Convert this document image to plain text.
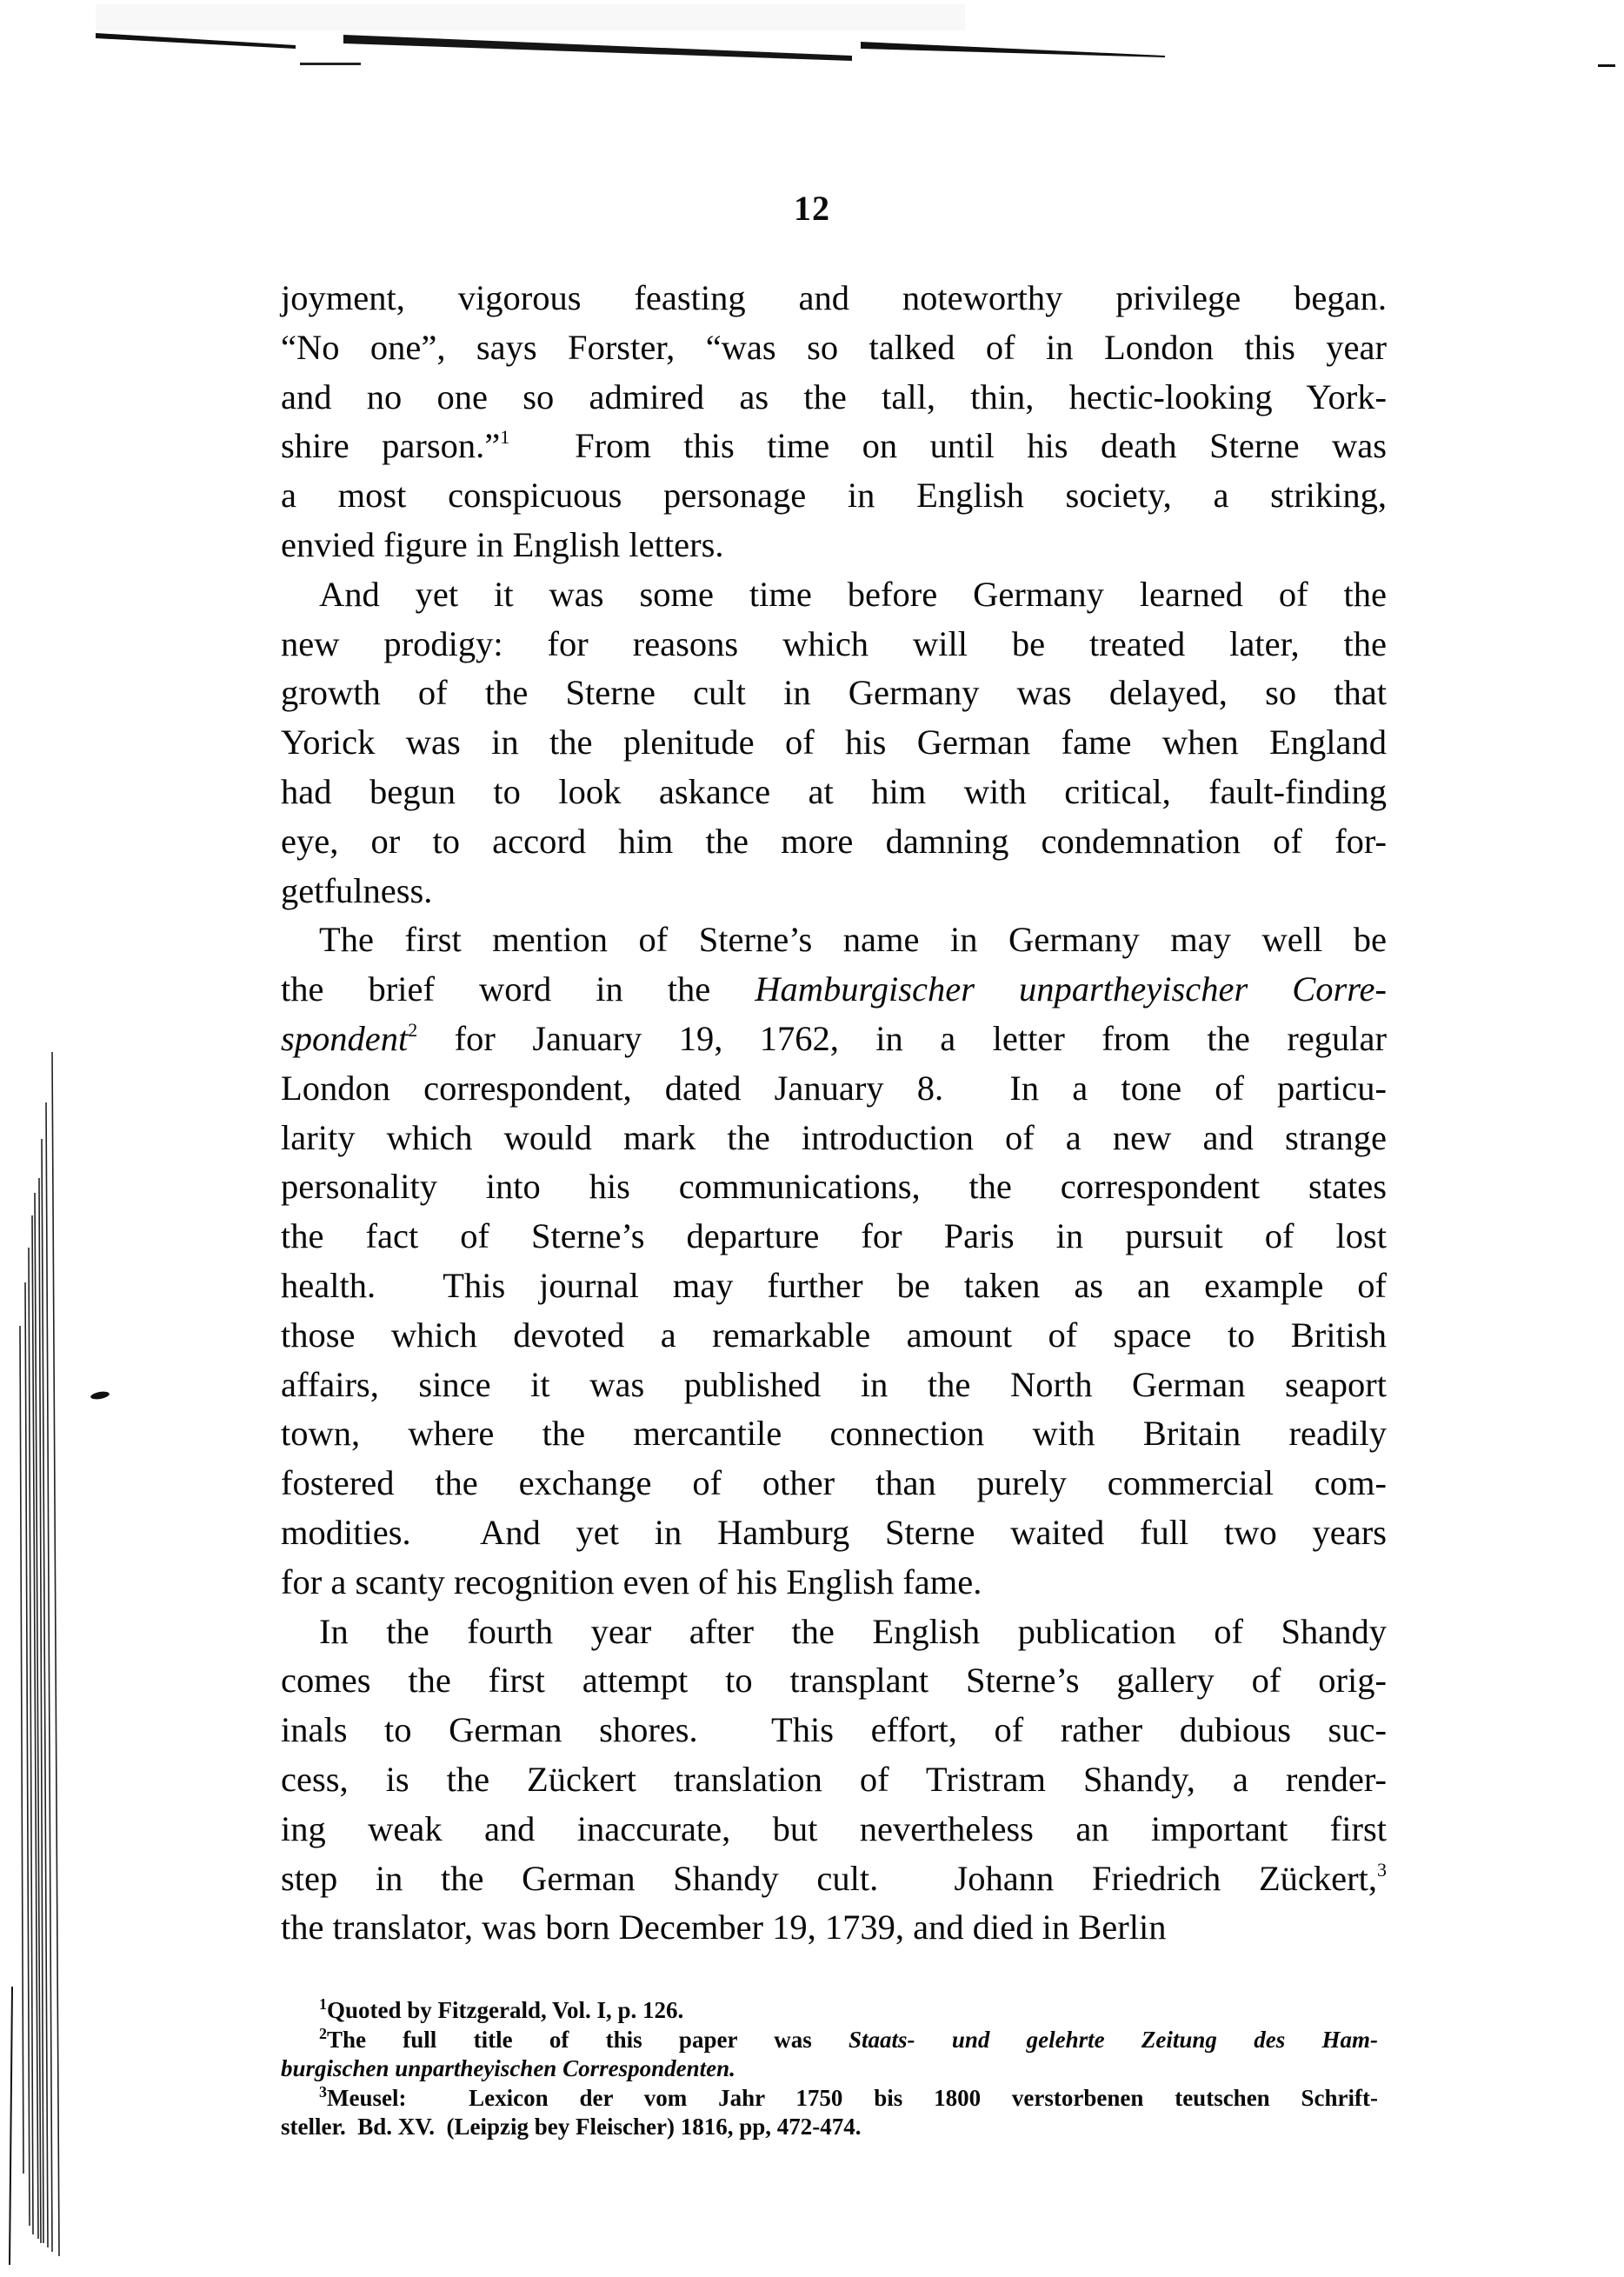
12
joyment, vigorous feasting and noteworthy privilege began.
“No one”, says Forster, “was so talked of in London this year
and no one so admired as the tall, thin, hectic-looking York-
shire parson.”$^1$  From this time on until his death Sterne was
a most conspicuous personage in English society, a striking,
envied figure in English letters.
And yet it was some time before Germany learned of the
new prodigy: for reasons which will be treated later, the
growth of the Sterne cult in Germany was delayed, so that
Yorick was in the plenitude of his German fame when England
had begun to look askance at him with critical, fault-finding
eye, or to accord him the more damning condemnation of for-
getfulness.
The first mention of Sterne’s name in Germany may well be
the brief word in the Hamburgischer unpartheyischer Corre-
spondent$^2$ for January 19, 1762, in a letter from the regular
London correspondent, dated January 8.  In a tone of particu-
larity which would mark the introduction of a new and strange
personality into his communications, the correspondent states
the fact of Sterne’s departure for Paris in pursuit of lost
health.  This journal may further be taken as an example of
those which devoted a remarkable amount of space to British
affairs, since it was published in the North German seaport
town, where the mercantile connection with Britain readily
fostered the exchange of other than purely commercial com-
modities.  And yet in Hamburg Sterne waited full two years
for a scanty recognition even of his English fame.
In the fourth year after the English publication of Shandy
comes the first attempt to transplant Sterne’s gallery of orig-
inals to German shores.  This effort, of rather dubious suc-
cess, is the Zückert translation of Tristram Shandy, a render-
ing weak and inaccurate, but nevertheless an important first
step in the German Shandy cult.  Johann Friedrich Zückert,$^3$
the translator, was born December 19, 1739, and died in Berlin
$^1$Quoted by Fitzgerald, Vol. I, p. 126.
$^2$The full title of this paper was Staats- und gelehrte Zeitung des Ham-
burgischen unpartheyischen Correspondenten.
$^3$Meusel:  Lexicon der vom Jahr 1750 bis 1800 verstorbenen teutschen Schrift-
steller.  Bd. XV.  (Leipzig bey Fleischer) 1816, pp, 472-474.
